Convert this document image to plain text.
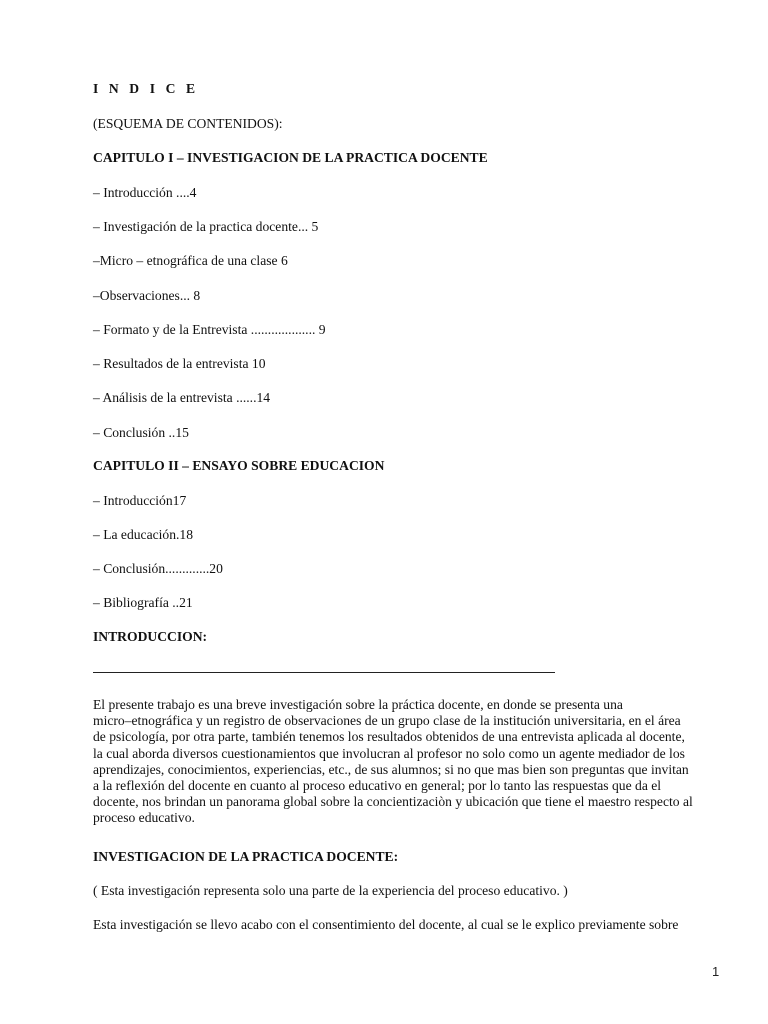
I N D I C E
(ESQUEMA DE CONTENIDOS):
CAPITULO I – INVESTIGACION DE LA PRACTICA DOCENTE
– Introducción ....4
– Investigación de la practica docente... 5
–Micro – etnográfica de una clase 6
–Observaciones... 8
– Formato y de la Entrevista ................... 9
– Resultados de la entrevista 10
– Análisis de la entrevista ......14
– Conclusión ..15
CAPITULO II – ENSAYO SOBRE EDUCACION
– Introducción17
– La educación.18
– Conclusión.............20
– Bibliografía ..21
INTRODUCCION:
El presente trabajo es una breve investigación sobre la práctica docente, en donde se presenta una
micro–etnográfica y un registro de observaciones de un grupo clase de la institución universitaria, en el área
de psicología, por otra parte, también tenemos los resultados obtenidos de una entrevista aplicada al docente,
la cual aborda diversos cuestionamientos que involucran al profesor no solo como un agente mediador de los
aprendizajes, conocimientos, experiencias, etc., de sus alumnos; si no que mas bien son preguntas que invitan
a la reflexión del docente en cuanto al proceso educativo en general; por lo tanto las respuestas que da el
docente, nos brindan un panorama global sobre la concientizaciòn y ubicación que tiene el maestro respecto al
proceso educativo.
INVESTIGACION DE LA PRACTICA DOCENTE:
( Esta investigación representa solo una parte de la experiencia del proceso educativo. )
Esta investigación se llevo acabo con el consentimiento del docente, al cual se le explico previamente sobre
1
